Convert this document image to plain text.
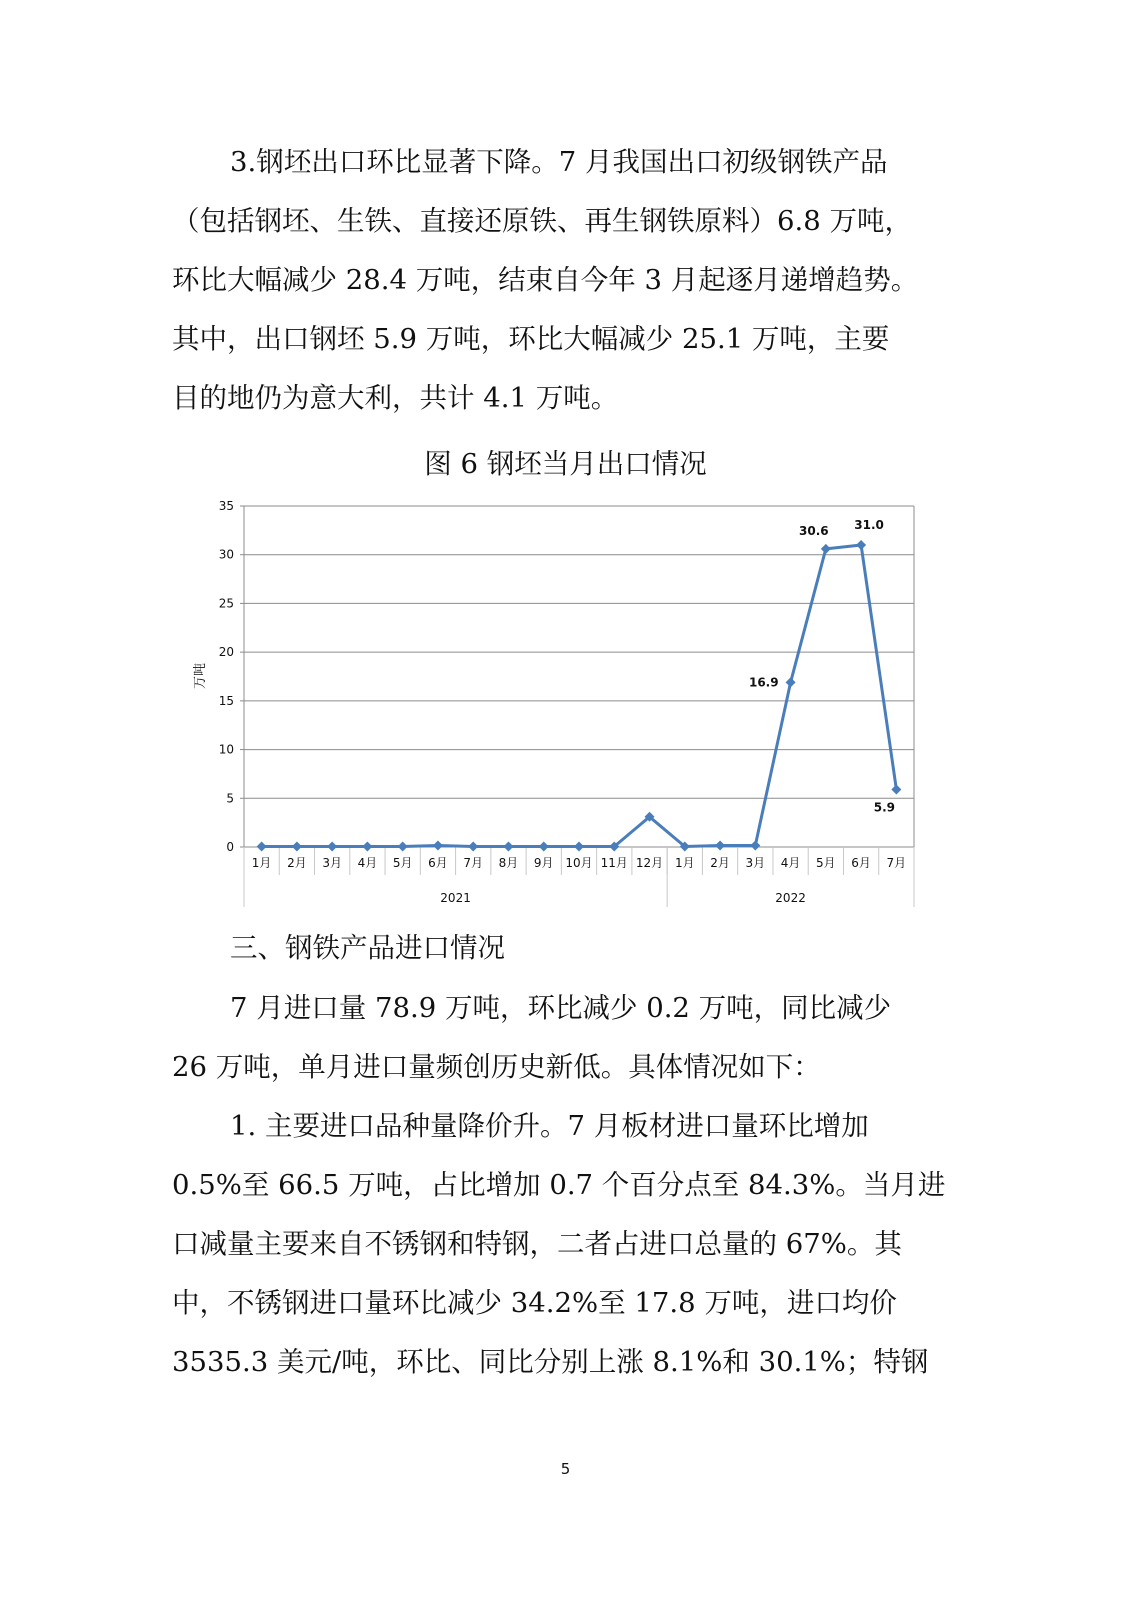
3.钢坯出口环比显著下降。7 月我国出口初级钢铁产品
（包括钢坯、生铁、直接还原铁、再生钢铁原料）6.8 万吨，
环比大幅减少 28.4 万吨，结束自今年 3 月起逐月递增趋势。
其中，出口钢坯 5.9 万吨，环比大幅减少 25.1 万吨，主要
目的地仍为意大利，共计 4.1 万吨。
图 6 钢坯当月出口情况
0
5
10
15
20
25
30
35
万吨
1月 2月 3月 4月 5月 6月 7月 8月 9月 10月 11月 12月 1月 2月 3月 4月 5月 6月 7月
2021	2022
16.9
30.6 31.0
5.9
三、钢铁产品进口情况
7 月进口量 78.9 万吨，环比减少 0.2 万吨，同比减少
26 万吨，单月进口量频创历史新低。具体情况如下：
1. 主要进口品种量降价升。7 月板材进口量环比增加
0.5%至 66.5 万吨，占比增加 0.7 个百分点至 84.3%。当月进
口减量主要来自不锈钢和特钢，二者占进口总量的 67%。其
中，不锈钢进口量环比减少 34.2%至 17.8 万吨，进口均价
3535.3 美元/吨，环比、同比分别上涨 8.1%和 30.1%；特钢
5
